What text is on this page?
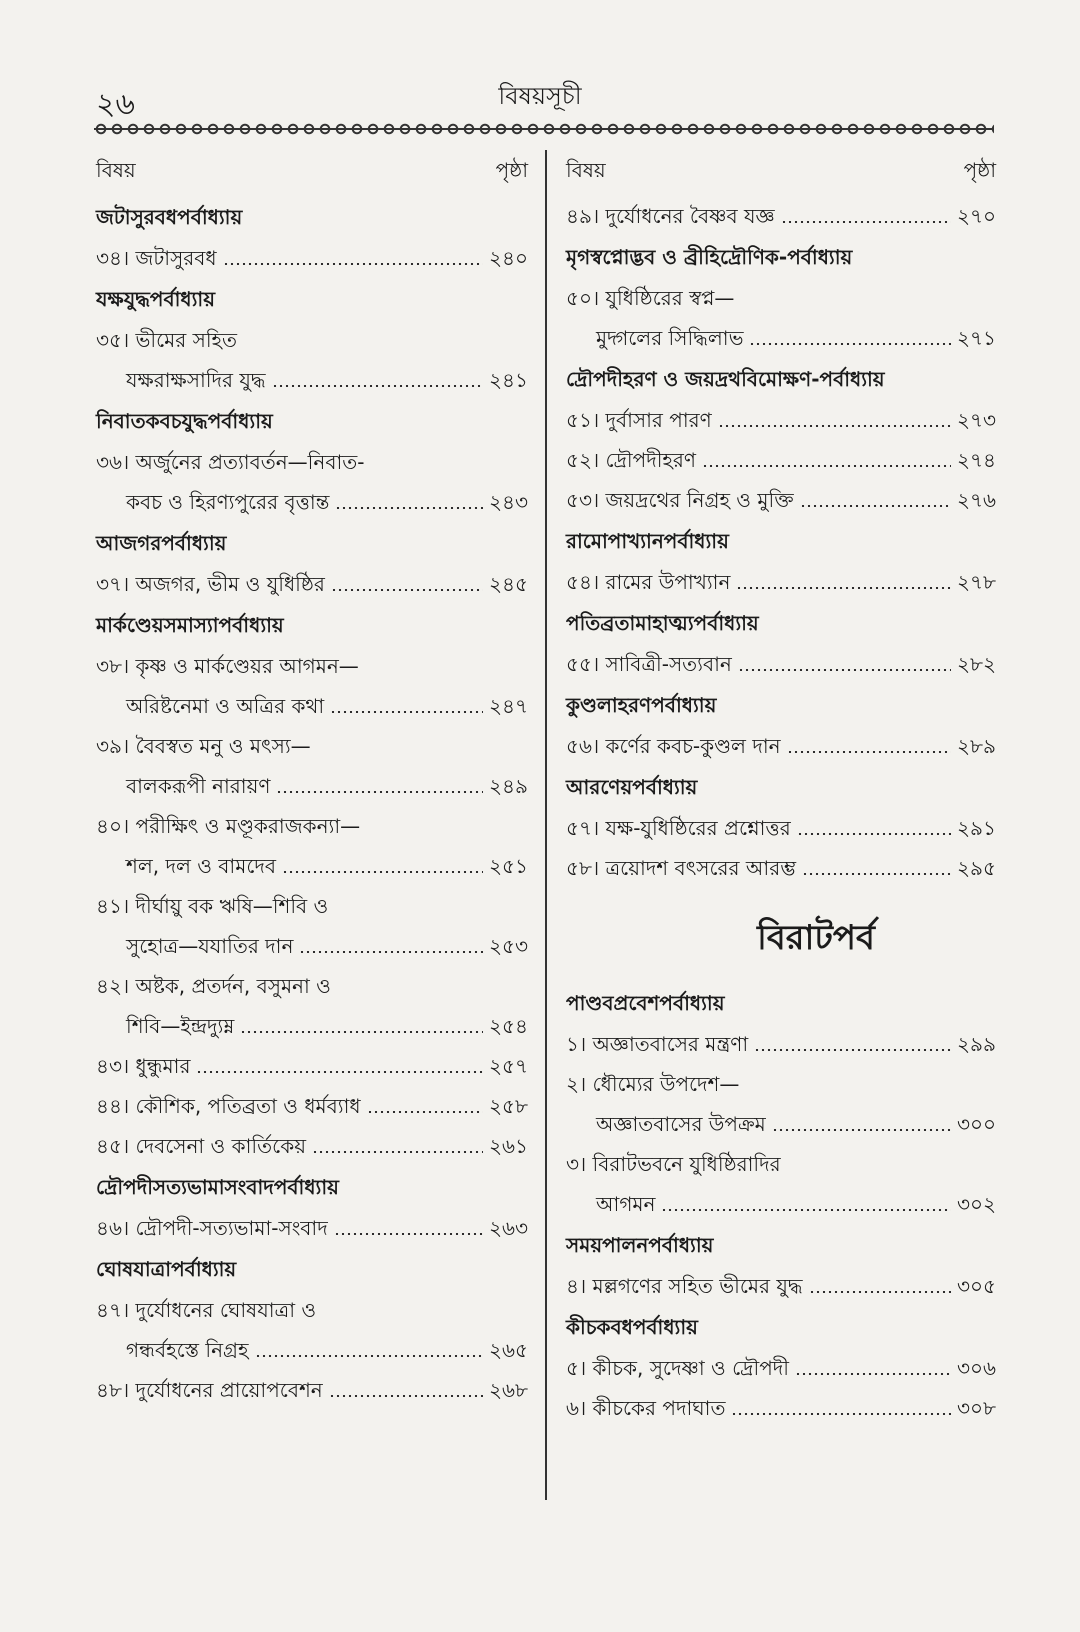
২৬	বিষয়সূচী
বিষয়	পৃষ্ঠা
জটাসুরবধপর্বাধ্যায়
৩৪। জটাসুরবধ	২৪০
যক্ষযুদ্ধপর্বাধ্যায়
৩৫। ভীমের সহিত
যক্ষরাক্ষসাদির যুদ্ধ	২৪১
নিবাতকবচযুদ্ধপর্বাধ্যায়
৩৬। অর্জুনের প্রত্যাবর্তন—নিবাত-
কবচ ও হিরণ্যপুরের বৃত্তান্ত	২৪৩
আজগরপর্বাধ্যায়
৩৭। অজগর, ভীম ও যুধিষ্ঠির	২৪৫
মার্কণ্ডেয়সমাস্যাপর্বাধ্যায়
৩৮। কৃষ্ণ ও মার্কণ্ডেয়র আগমন—
অরিষ্টনেমা ও অত্রির কথা	২৪৭
৩৯। বৈবস্বত মনু ও মৎস্য—
বালকরূপী নারায়ণ	২৪৯
৪০। পরীক্ষিৎ ও মণ্ডূকরাজকন্যা—
শল, দল ও বামদেব	২৫১
৪১। দীর্ঘায়ু বক ঋষি—শিবি ও
সুহোত্র—যযাতির দান	২৫৩
৪২। অষ্টক, প্রতর্দন, বসুমনা ও
শিবি—ইন্দ্রদ্যুম্ন	২৫৪
৪৩। ধুন্ধুমার	২৫৭
৪৪। কৌশিক, পতিব্রতা ও ধর্মব্যাধ	২৫৮
৪৫। দেবসেনা ও কার্তিকেয়	২৬১
দ্রৌপদীসত্যভামাসংবাদপর্বাধ্যায়
৪৬। দ্রৌপদী-সত্যভামা-সংবাদ	২৬৩
ঘোষযাত্রাপর্বাধ্যায়
৪৭। দুর্যোধনের ঘোষযাত্রা ও
গন্ধর্বহস্তে নিগ্রহ	২৬৫
৪৮। দুর্যোধনের প্রায়োপবেশন	২৬৮
বিষয়	পৃষ্ঠা
৪৯। দুর্যোধনের বৈষ্ণব যজ্ঞ	২৭০
মৃগস্বপ্নোদ্ভব ও ব্রীহিদ্রৌণিক-পর্বাধ্যায়
৫০। যুধিষ্ঠিরের স্বপ্ন—
মুদ্গলের সিদ্ধিলাভ	২৭১
দ্রৌপদীহরণ ও জয়দ্রথবিমোক্ষণ-পর্বাধ্যায়
৫১। দুর্বাসার পারণ	২৭৩
৫২। দ্রৌপদীহরণ	২৭৪
৫৩। জয়দ্রথের নিগ্রহ ও মুক্তি	২৭৬
রামোপাখ্যানপর্বাধ্যায়
৫৪। রামের উপাখ্যান	২৭৮
পতিব্রতামাহাত্ম্যপর্বাধ্যায়
৫৫। সাবিত্রী-সত্যবান	২৮২
কুণ্ডলাহরণপর্বাধ্যায়
৫৬। কর্ণের কবচ-কুণ্ডল দান	২৮৯
আরণেয়পর্বাধ্যায়
৫৭। যক্ষ-যুধিষ্ঠিরের প্রশ্নোত্তর	২৯১
৫৮। ত্রয়োদশ বৎসরের আরম্ভ	২৯৫
বিরাটপর্ব
পাণ্ডবপ্রবেশপর্বাধ্যায়
১। অজ্ঞাতবাসের মন্ত্রণা	২৯৯
২। ধৌম্যের উপদেশ—
অজ্ঞাতবাসের উপক্রম	৩০০
৩। বিরাটভবনে যুধিষ্ঠিরাদির
আগমন	৩০২
সময়পালনপর্বাধ্যায়
৪। মল্লগণের সহিত ভীমের যুদ্ধ	৩০৫
কীচকবধপর্বাধ্যায়
৫। কীচক, সুদেষ্ণা ও দ্রৌপদী	৩০৬
৬। কীচকের পদাঘাত	৩০৮
